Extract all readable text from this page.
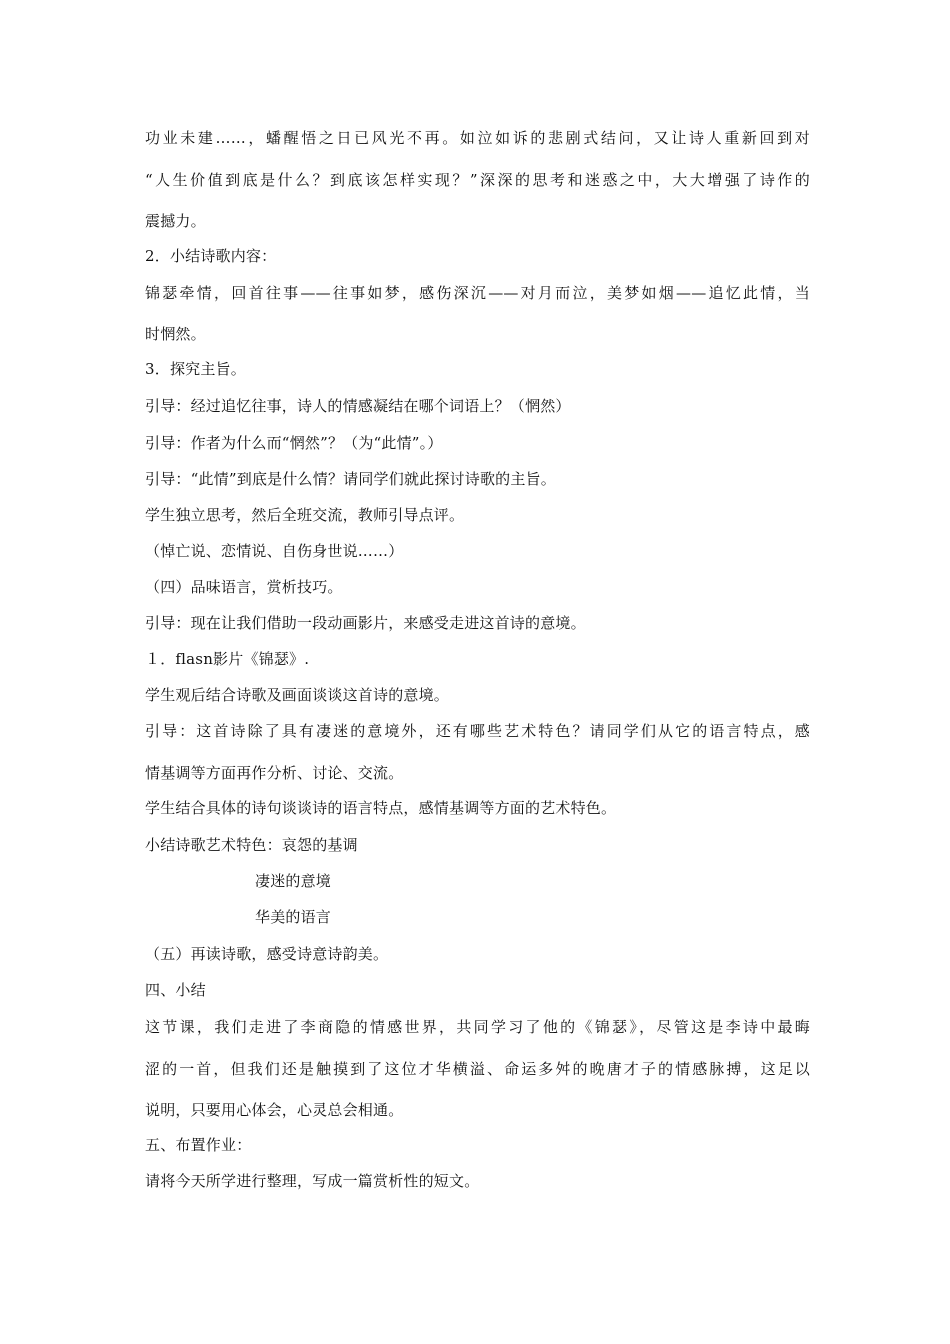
功业未建……，蟠醒悟之日已风光不再。如泣如诉的悲剧式结问，又让诗人重新回到对
“人生价值到底是什么？到底该怎样实现？”深深的思考和迷惑之中，大大增强了诗作的
震撼力。
2．小结诗歌内容：
锦瑟牵情，回首往事——往事如梦，感伤深沉——对月而泣，美梦如烟——追忆此情，当
时惘然。
3．探究主旨。
引导：经过追忆往事，诗人的情感凝结在哪个词语上？（惘然）
引导：作者为什么而“惘然”？（为“此情”。）
引导：“此情”到底是什么情？请同学们就此探讨诗歌的主旨。
学生独立思考，然后全班交流，教师引导点评。
（悼亡说、恋情说、自伤身世说……）
（四）品味语言，赏析技巧。
引导：现在让我们借助一段动画影片，来感受走进这首诗的意境。
１．flasn影片《锦瑟》.
学生观后结合诗歌及画面谈谈这首诗的意境。
引导：这首诗除了具有凄迷的意境外，还有哪些艺术特色？请同学们从它的语言特点，感
情基调等方面再作分析、讨论、交流。
学生结合具体的诗句谈谈诗的语言特点，感情基调等方面的艺术特色。
小结诗歌艺术特色：哀怨的基调
凄迷的意境
华美的语言
（五）再读诗歌，感受诗意诗韵美。
四、小结
这节课，我们走进了李商隐的情感世界，共同学习了他的《锦瑟》，尽管这是李诗中最晦
涩的一首，但我们还是触摸到了这位才华横溢、命运多舛的晚唐才子的情感脉搏，这足以
说明，只要用心体会，心灵总会相通。
五、布置作业：
请将今天所学进行整理，写成一篇赏析性的短文。
